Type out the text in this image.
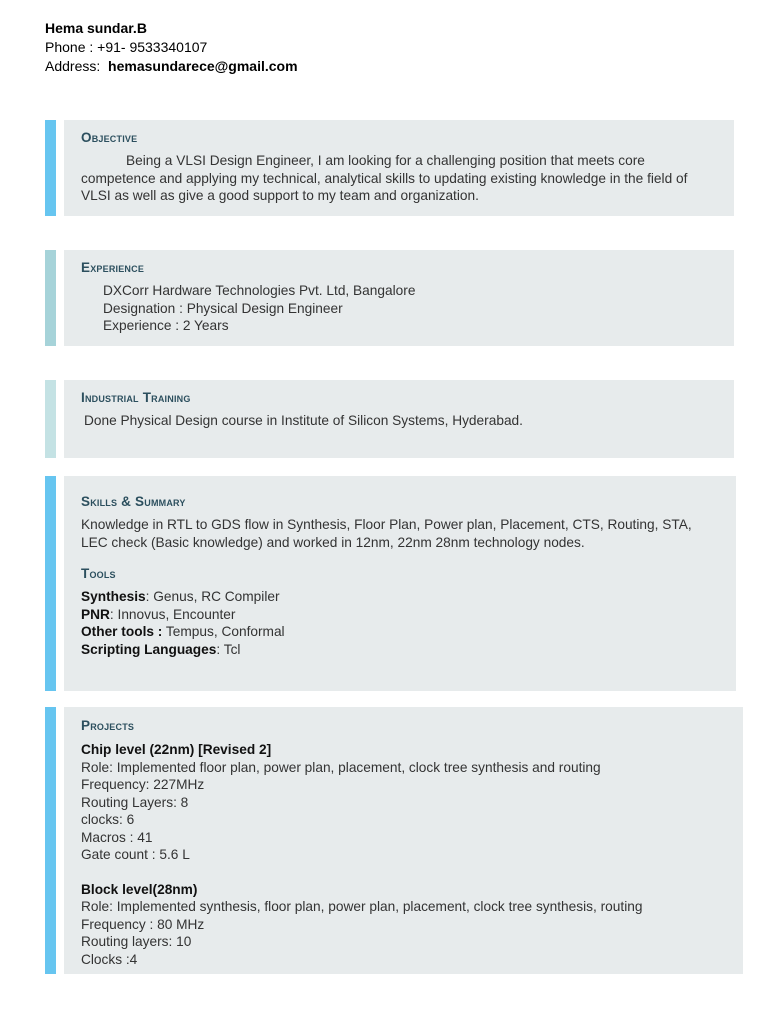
Hema sundar.B
Phone : +91- 9533340107
Address: hemasundarece@gmail.com
Objective
Being a VLSI Design Engineer, I am looking for a challenging position that meets core competence and applying my technical, analytical skills to updating existing knowledge in the field of VLSI as well as give a good support to my team and organization.
Experience
DXCorr Hardware Technologies Pvt. Ltd, Bangalore
Designation : Physical Design Engineer
Experience : 2 Years
Industrial Training
Done Physical Design course in Institute of Silicon Systems, Hyderabad.
Skills & Summary
Knowledge in RTL to GDS flow in Synthesis, Floor Plan, Power plan, Placement, CTS, Routing, STA, LEC check (Basic knowledge) and worked in 12nm, 22nm 28nm technology nodes.
Tools
Synthesis: Genus, RC Compiler
PNR: Innovus, Encounter
Other tools : Tempus, Conformal
Scripting Languages: Tcl
Projects
Chip level (22nm) [Revised 2]
Role: Implemented floor plan, power plan, placement, clock tree synthesis and routing
Frequency: 227MHz
Routing Layers: 8
clocks: 6
Macros : 41
Gate count : 5.6 L
Block level(28nm)
Role: Implemented synthesis, floor plan, power plan, placement, clock tree synthesis, routing
Frequency : 80 MHz
Routing layers: 10
Clocks :4
